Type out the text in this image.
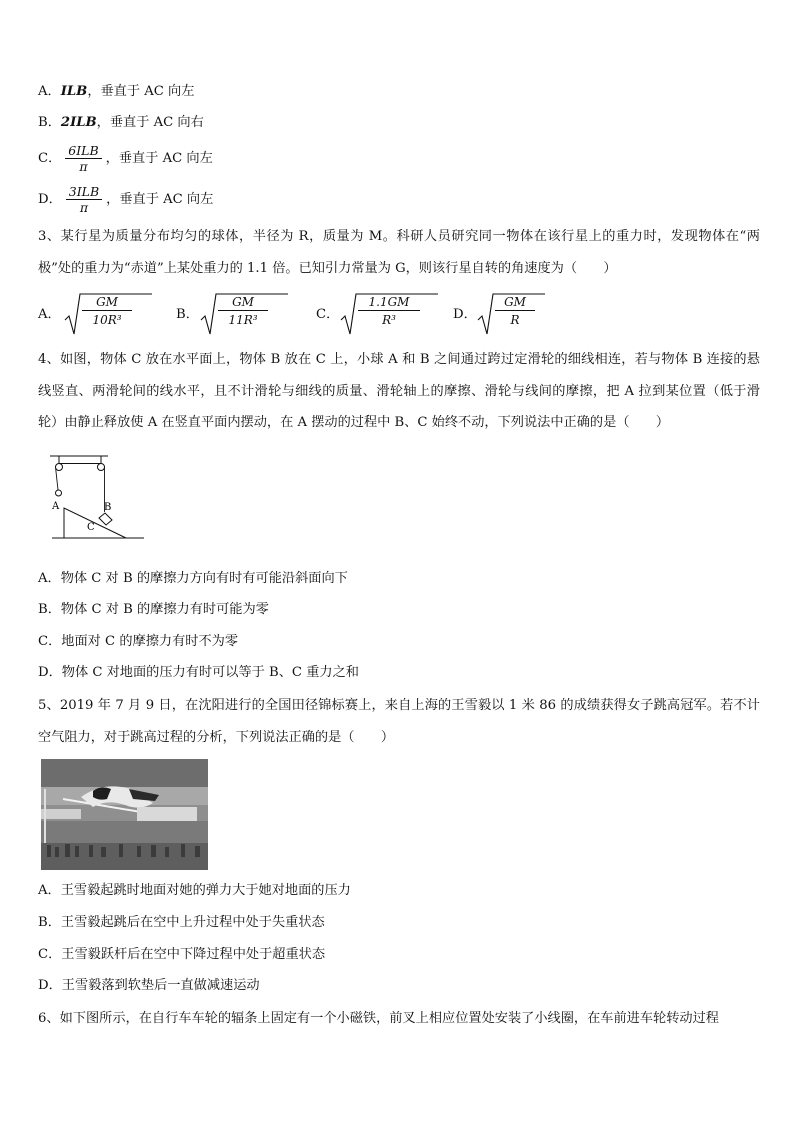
A．ILB，垂直于 AC 向左
B．2ILB，垂直于 AC 向右
C． $\frac{\text{6ILB}}{\pi}$ ，垂直于 AC 向左
D． $\frac{\text{3ILB}}{\pi}$ ，垂直于 AC 向左
3、某行星为质量分布均匀的球体，半径为 R，质量为 M。科研人员研究同一物体在该行星上的重力时，发现物体在“两极”处的重力为“赤道”上某处重力的 1.1 倍。已知引力常量为 G，则该行星自转的角速度为（　　）
A． $\frac{GM}{\text{10R³}}$	B． $\frac{GM}{\text{11R³}}$	C． $\frac{1.1GM}{\text{R³}}$	D． $\frac{GM}{R}$
4、如图，物体 C 放在水平面上，物体 B 放在 C 上，小球 A 和 B 之间通过跨过定滑轮的细线相连，若与物体 B 连接的悬线竖直、两滑轮间的线水平，且不计滑轮与细线的质量、滑轮轴上的摩擦、滑轮与线间的摩擦，把 A 拉到某位置（低于滑轮）由静止释放使 A 在竖直平面内摆动，在 A 摆动的过程中 B、C 始终不动，下列说法中正确的是（　　）
A	B
C
A．物体 C 对 B 的摩擦力方向有时有可能沿斜面向下
B．物体 C 对 B 的摩擦力有时可能为零
C．地面对 C 的摩擦力有时不为零
D．物体 C 对地面的压力有时可以等于 B、C 重力之和
5、2019 年 7 月 9 日，在沈阳进行的全国田径锦标赛上，来自上海的王雪毅以 1 米 86 的成绩获得女子跳高冠军。若不计空气阻力，对于跳高过程的分析，下列说法正确的是（　　）
A．王雪毅起跳时地面对她的弹力大于她对地面的压力
B．王雪毅起跳后在空中上升过程中处于失重状态
C．王雪毅跃杆后在空中下降过程中处于超重状态
D．王雪毅落到软垫后一直做减速运动
6、如下图所示，在自行车车轮的辐条上固定有一个小磁铁，前叉上相应位置处安装了小线圈，在车前进车轮转动过程
